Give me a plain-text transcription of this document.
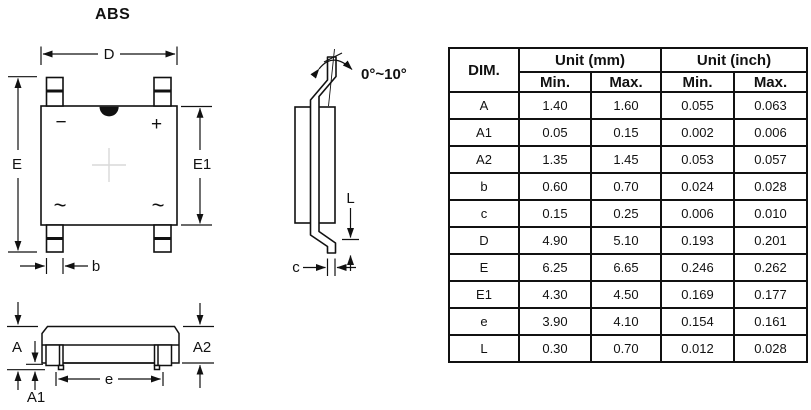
ABS
−	+
~	~
D
E	E1
b
0°~10°
L
c
A
A1
A2
e
DIM.	Unit (mm)		Unit (inch)	
	Min.	Max.	Min.	Max.
A	1.40	1.60	0.055	0.063
A1	0.05	0.15	0.002	0.006
A2	1.35	1.45	0.053	0.057
b	0.60	0.70	0.024	0.028
c	0.15	0.25	0.006	0.010
D	4.90	5.10	0.193	0.201
E	6.25	6.65	0.246	0.262
E1	4.30	4.50	0.169	0.177
e	3.90	4.10	0.154	0.161
L	0.30	0.70	0.012	0.028
